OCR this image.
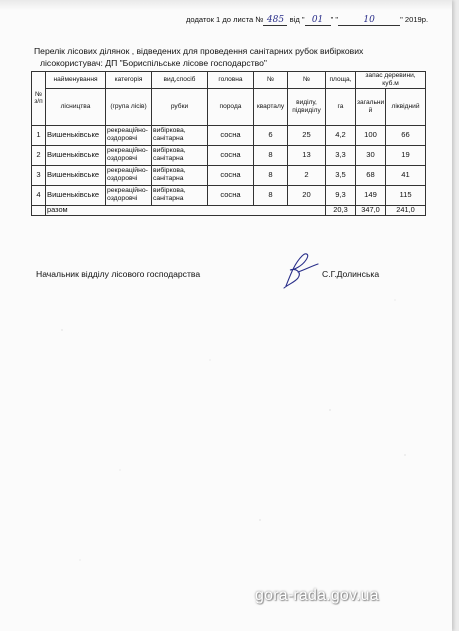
додаток 1 до листа № 485 від " 01 " "	10	" 2019р.
Перелік лісових ділянок , відведених для проведення санітарних рубок вибіркових
лісокористувач: ДП "Бориспільське лісове господарство"
№
з/п	найменування	категорія	вид,спосіб	головна	№	№	площа,	запас деревини, куб.м	
	лісництва	(група лісів)	рубки	порода	кварталу	виділу, підвиділу	га	загальни й	ліквідний
1	Вишеньківське	рекреаційно-оздоровчі	вибіркова, санітарна	сосна	6	25	4,2	100	66
2	Вишеньківське	рекреаційно-оздоровчі	вибіркова, санітарна	сосна	8	13	3,3	30	19
3	Вишеньківське	рекреаційно-оздоровчі	вибіркова, санітарна	сосна	8	2	3,5	68	41
4	Вишеньківське	рекреаційно-оздоровчі	вибіркова, санітарна	сосна	8	20	9,3	149	115
	разом						20,3	347,0	241,0
Начальник відділу лісового господарства	С.Г.Долинська
gora-rada.gov.ua
